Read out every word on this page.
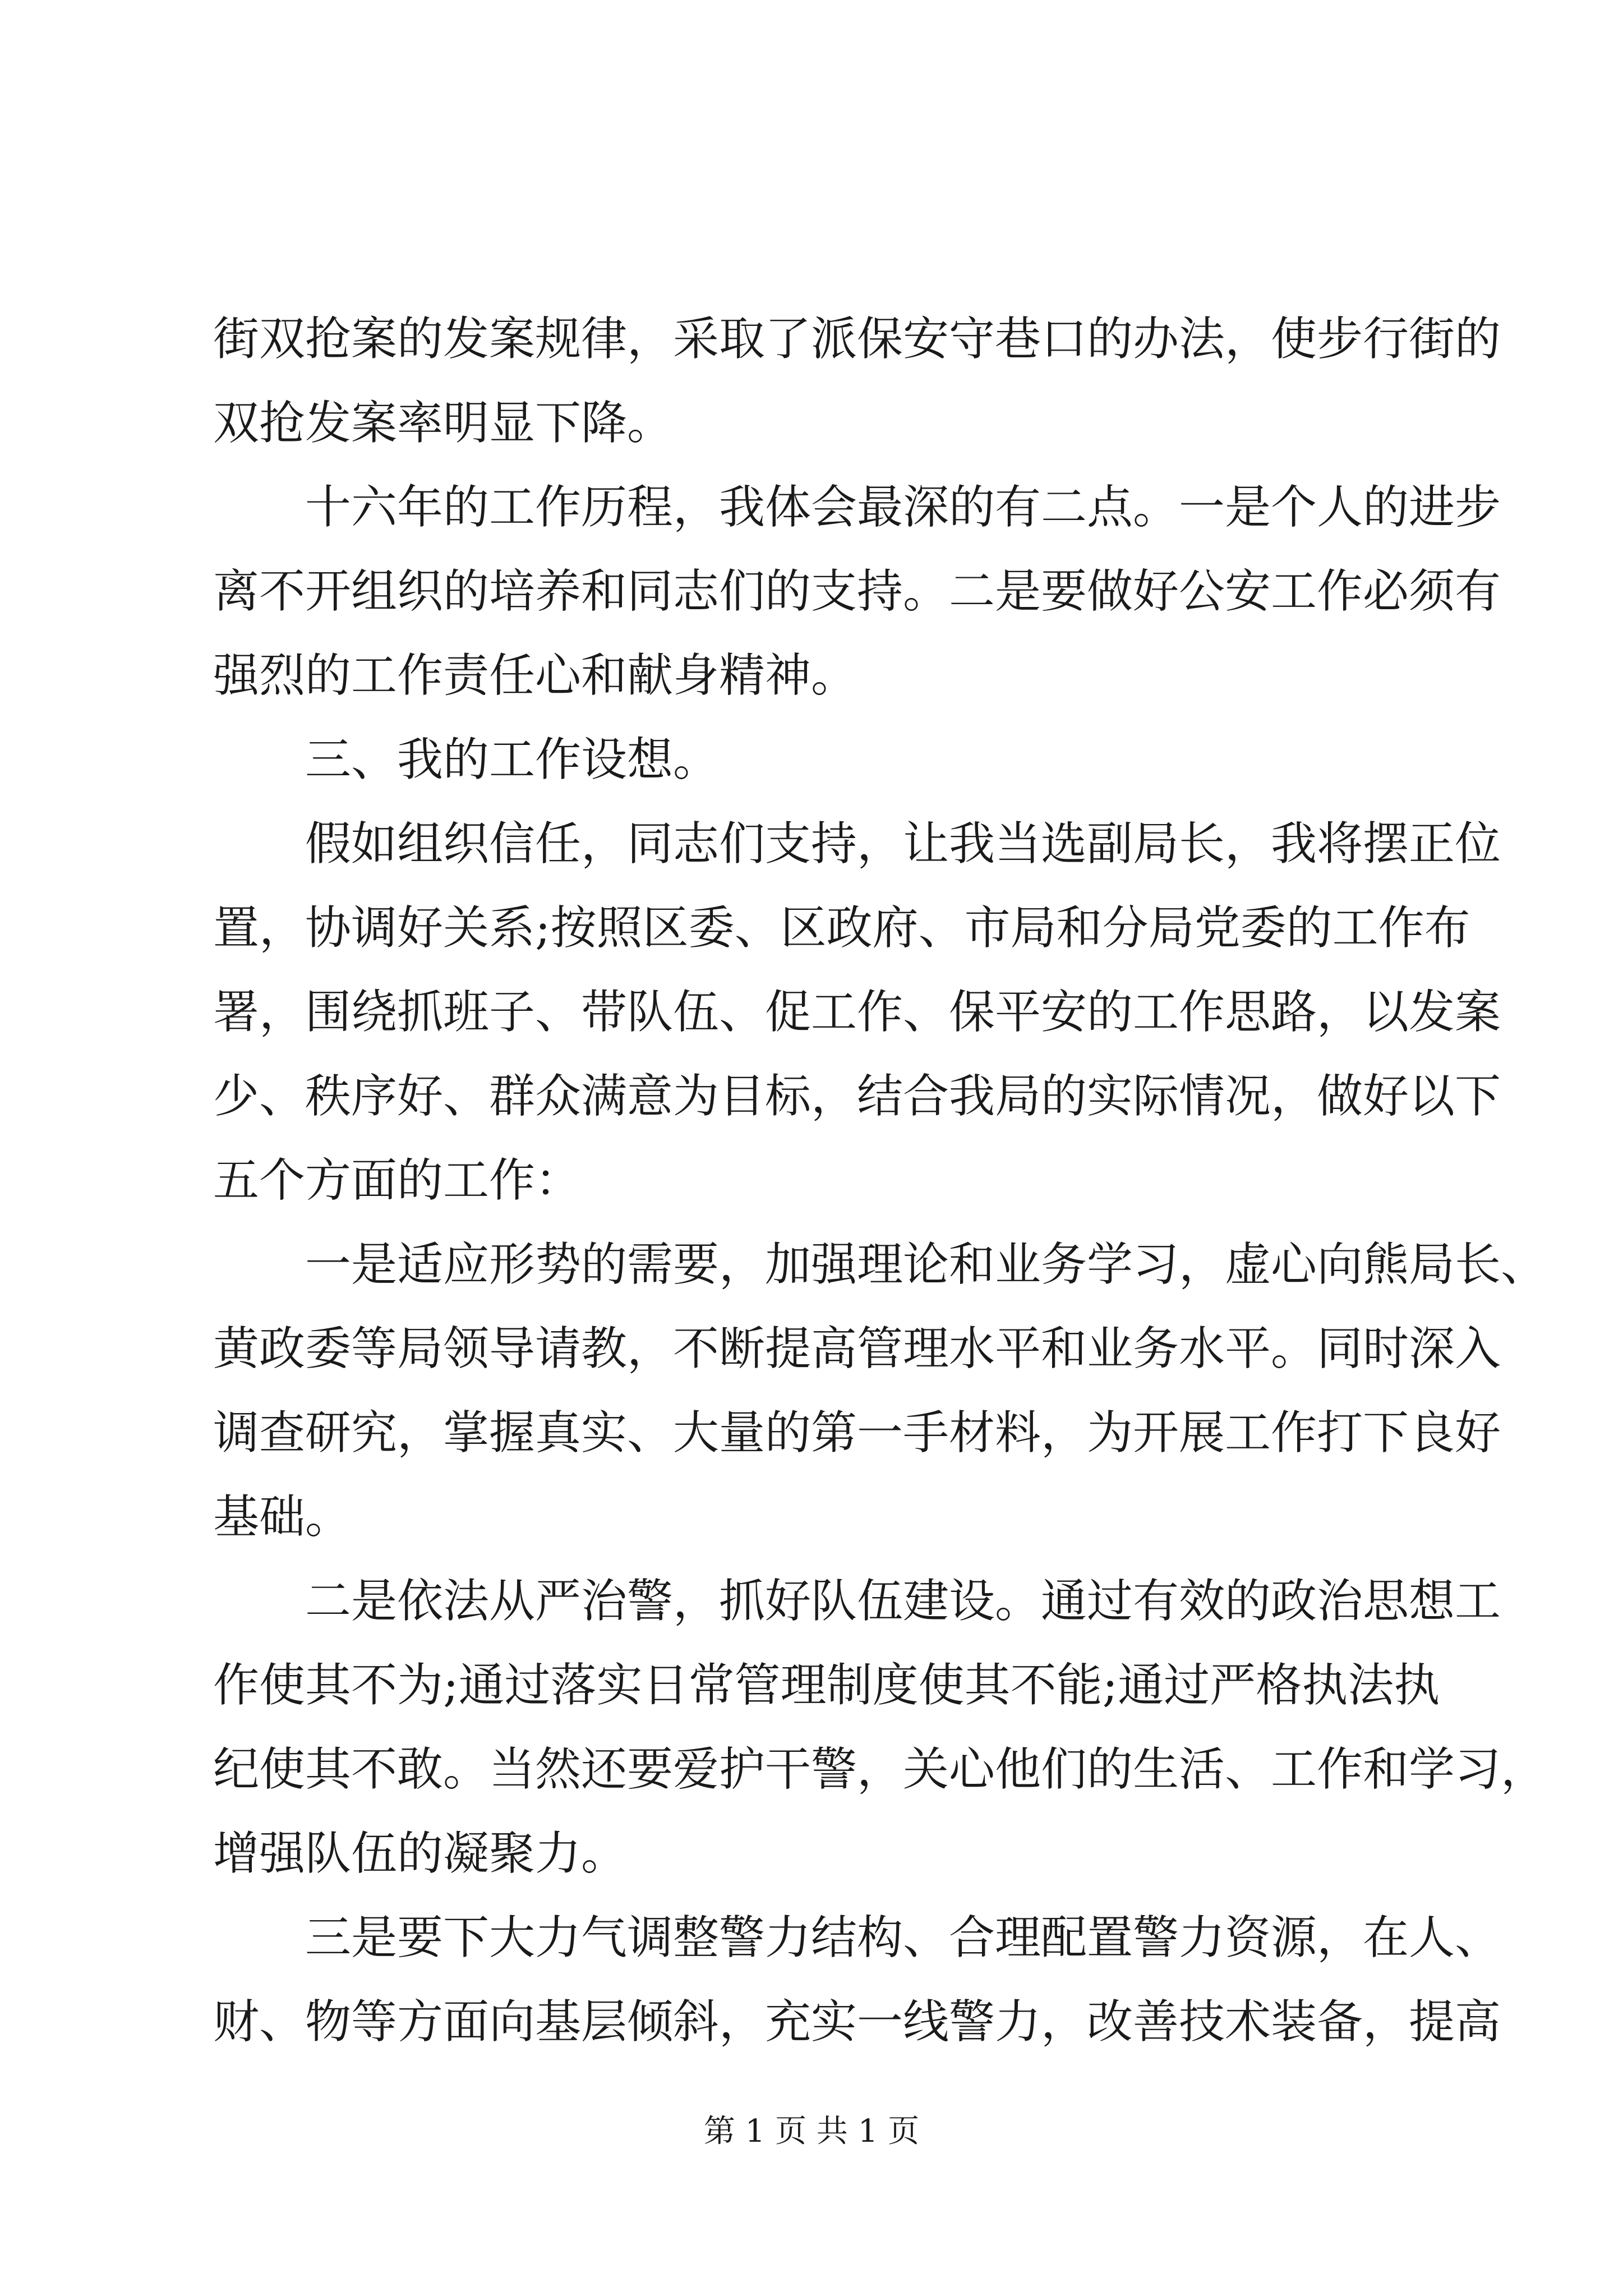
街双抢案的发案规律，采取了派保安守巷口的办法，使步行街的
双抢发案率明显下降。
十六年的工作历程，我体会最深的有二点。一是个人的进步
离不开组织的培养和同志们的支持。二是要做好公安工作必须有
强烈的工作责任心和献身精神。
三、我的工作设想。
假如组织信任，同志们支持，让我当选副局长，我将摆正位
置，协调好关系;按照区委、区政府、市局和分局党委的工作布
署，围绕抓班子、带队伍、促工作、保平安的工作思路，以发案
少、秩序好、群众满意为目标，结合我局的实际情况，做好以下
五个方面的工作：
一是适应形势的需要，加强理论和业务学习，虚心向熊局长、
黄政委等局领导请教，不断提高管理水平和业务水平。同时深入
调查研究，掌握真实、大量的第一手材料，为开展工作打下良好
基础。
二是依法从严治警，抓好队伍建设。通过有效的政治思想工
作使其不为;通过落实日常管理制度使其不能;通过严格执法执
纪使其不敢。当然还要爱护干警，关心他们的生活、工作和学习，
增强队伍的凝聚力。
三是要下大力气调整警力结构、合理配置警力资源，在人、
财、物等方面向基层倾斜，充实一线警力，改善技术装备，提高
第 1 页 共 1 页
